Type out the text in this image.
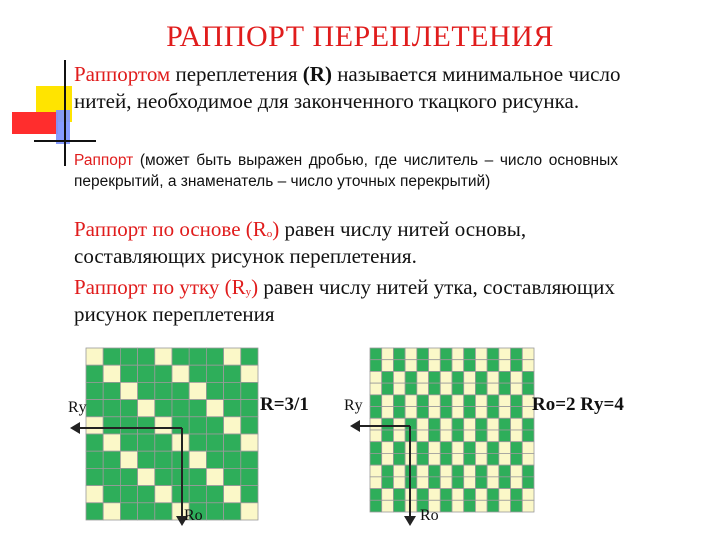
РАППОРТ ПЕРЕПЛЕТЕНИЯ

Раппортом переплетения (R) называется минимальное число нитей, необходимое для законченного ткацкого рисунка.

Раппорт (может быть выражен дробью, где числитель – число основных перекрытий, а знаменатель – число уточных перекрытий)

Раппорт по основе $(R_о)$ равен числу нитей основы, составляющих рисунок переплетения.

Раппорт по утку $(R_у)$ равен числу нитей утка, составляющих рисунок переплетения

Rу
Rо
R=3/1 Rу
Rо
Rо=2 Rу=4
